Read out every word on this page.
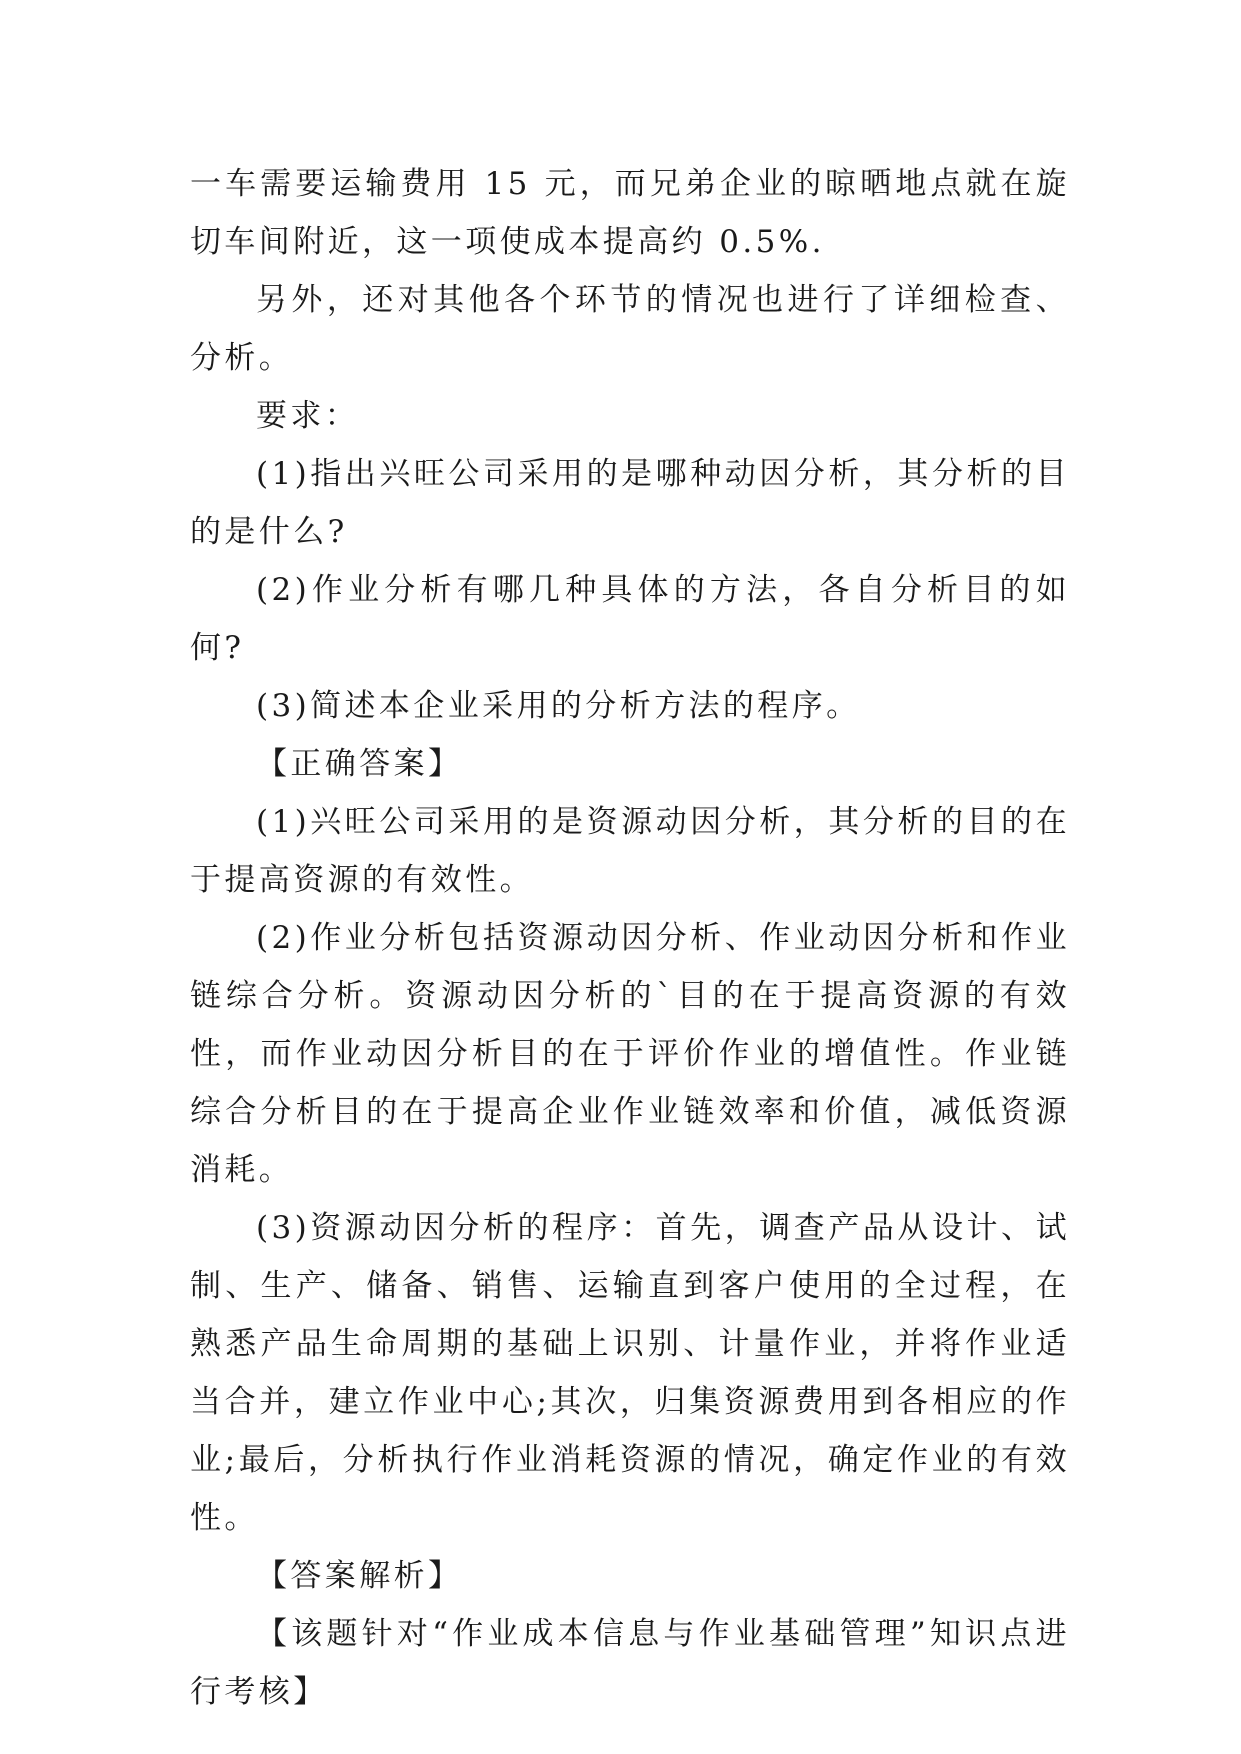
一车需要运输费用 15 元，而兄弟企业的晾晒地点就在旋切车间附近，这一项使成本提高约 0.5%.

另外，还对其他各个环节的情况也进行了详细检查、分析。

要求：

(1)指出兴旺公司采用的是哪种动因分析，其分析的目的是什么?

(2)作业分析有哪几种具体的方法，各自分析目的如何?

(3)简述本企业采用的分析方法的程序。

【正确答案】

(1)兴旺公司采用的是资源动因分析，其分析的目的在于提高资源的有效性。

(2)作业分析包括资源动因分析、作业动因分析和作业链综合分析。资源动因分析的`目的在于提高资源的有效性，而作业动因分析目的在于评价作业的增值性。作业链综合分析目的在于提高企业作业链效率和价值，减低资源消耗。

(3)资源动因分析的程序：首先，调查产品从设计、试制、生产、储备、销售、运输直到客户使用的全过程，在熟悉产品生命周期的基础上识别、计量作业，并将作业适当合并，建立作业中心;其次，归集资源费用到各相应的作业;最后，分析执行作业消耗资源的情况，确定作业的有效性。

【答案解析】

【该题针对“作业成本信息与作业基础管理”知识点进行考核】
